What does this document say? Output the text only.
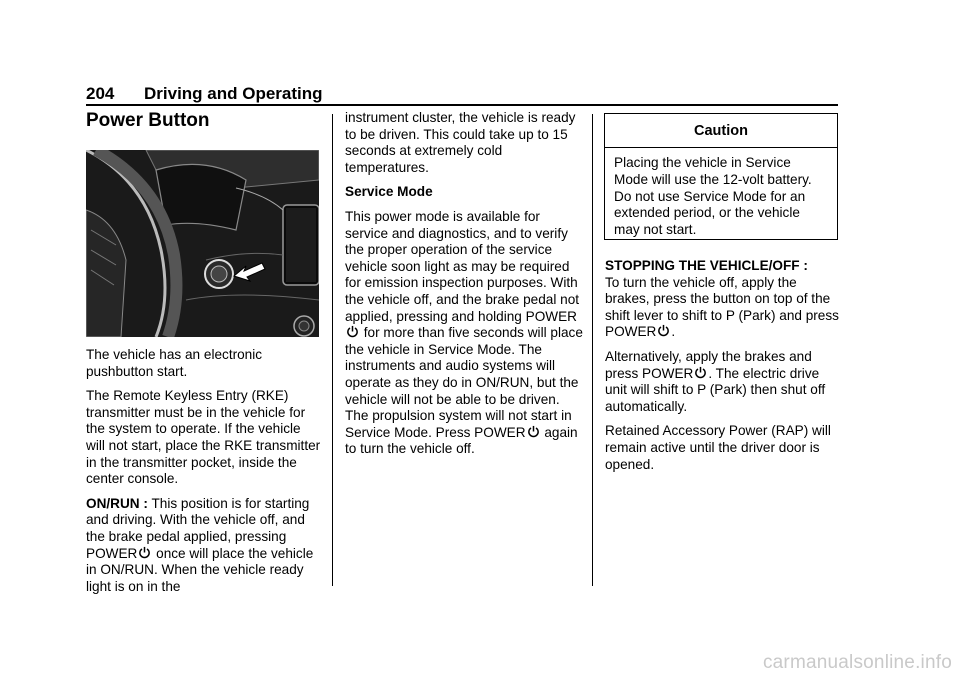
204 Driving and Operating
Power Button

The vehicle has an electronic pushbutton start.

The Remote Keyless Entry (RKE) transmitter must be in the vehicle for the system to operate. If the vehicle will not start, place the RKE transmitter in the transmitter pocket, inside the center console.

ON/RUN : This position is for starting and driving. With the vehicle off, and the brake pedal applied, pressing POWER once will place the vehicle in ON/RUN. When the vehicle ready light is on in the

instrument cluster, the vehicle is ready to be driven. This could take up to 15 seconds at extremely cold temperatures.

Service Mode

This power mode is available for service and diagnostics, and to verify the proper operation of the service vehicle soon light as may be required for emission inspection purposes. With the vehicle off, and the brake pedal not applied, pressing and holding POWER for more than five seconds will place the vehicle in Service Mode. The instruments and audio systems will operate as they do in ON/RUN, but the vehicle will not be able to be driven. The propulsion system will not start in Service Mode. Press POWER again to turn the vehicle off.

Caution
Placing the vehicle in Service Mode will use the 12-volt battery. Do not use Service Mode for an extended period, or the vehicle may not start.

STOPPING THE VEHICLE/OFF :
To turn the vehicle off, apply the brakes, press the button on top of the shift lever to shift to P (Park) and press POWER .

Alternatively, apply the brakes and press POWER . The electric drive unit will shift to P (Park) then shut off automatically.

Retained Accessory Power (RAP) will remain active until the driver door is opened.

carmanualsonline.info
